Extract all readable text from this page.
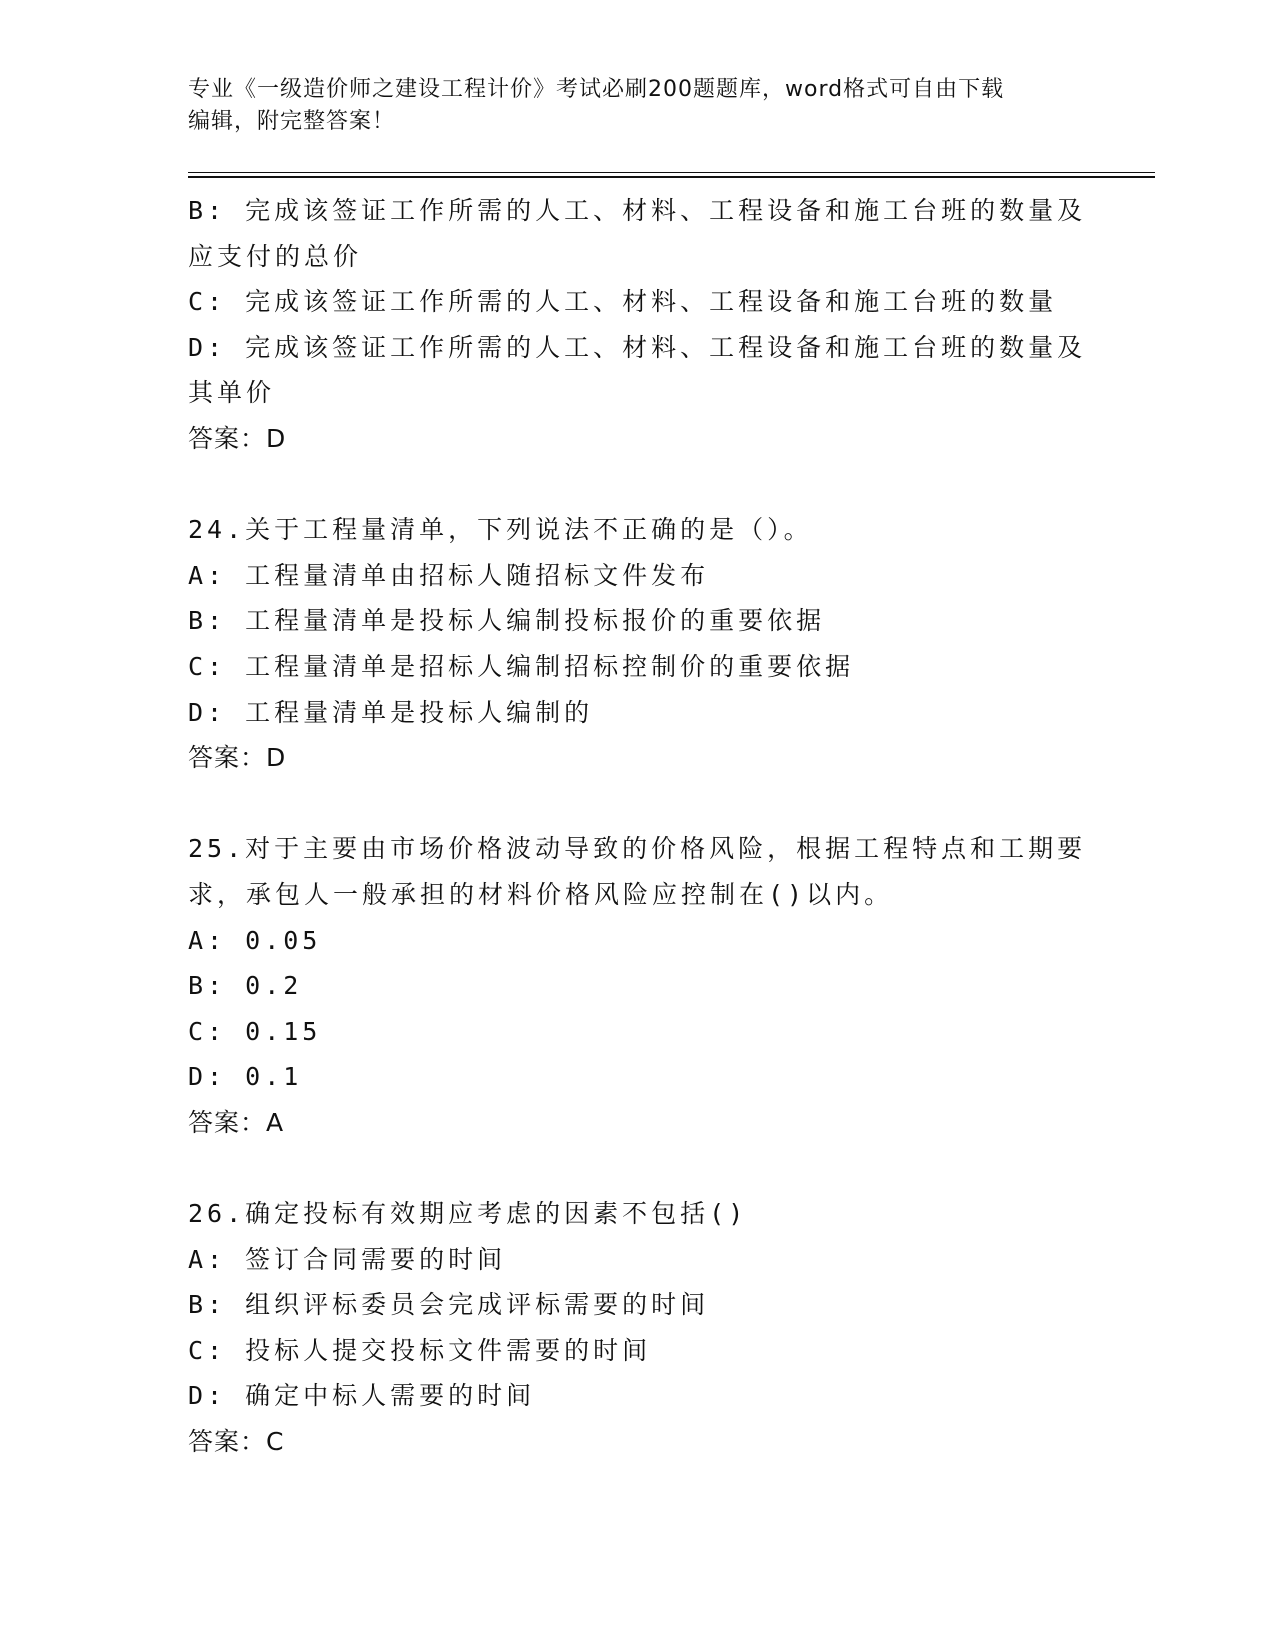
专业《一级造价师之建设工程计价》考试必刷200题题库，word格式可自由下载
编辑，附完整答案！

B: 完成该签证工作所需的人工、材料、工程设备和施工台班的数量及

应支付的总价

C: 完成该签证工作所需的人工、材料、工程设备和施工台班的数量

D: 完成该签证工作所需的人工、材料、工程设备和施工台班的数量及

其单价

答案：D

24.关于工程量清单，下列说法不正确的是（）。

A: 工程量清单由招标人随招标文件发布

B: 工程量清单是投标人编制投标报价的重要依据

C: 工程量清单是招标人编制招标控制价的重要依据

D: 工程量清单是投标人编制的

答案：D

25.对于主要由市场价格波动导致的价格风险，根据工程特点和工期要

求，承包人一般承担的材料价格风险应控制在()以内。

A: 0.05

B: 0.2

C: 0.15

D: 0.1

答案：A

26.确定投标有效期应考虑的因素不包括()

A: 签订合同需要的时间

B: 组织评标委员会完成评标需要的时间

C: 投标人提交投标文件需要的时间

D: 确定中标人需要的时间

答案：C
